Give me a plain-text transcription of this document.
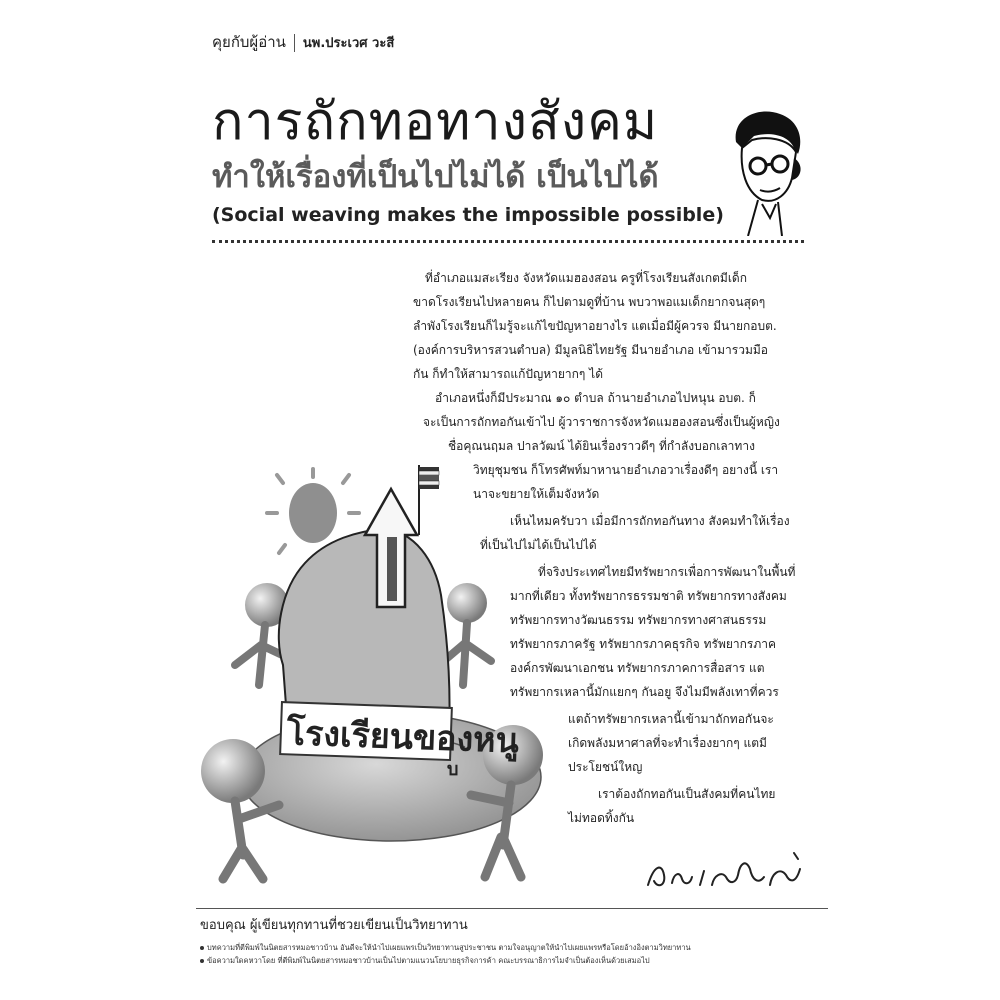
คุยกับผู้อ่าน นพ.ประเวศ วะสี
การถักทอทางสังคม
ทำให้เรื่องที่เป็นไปไม่ได้ เป็นไปได้
(Social weaving makes the impossible possible)
ที่อำเภอแมสะเรียง จังหวัดแมฮองสอน ครูที่โรงเรียนสังเกตมีเด็ก
ขาดโรงเรียนไปหลายคน ก็ไปตามดูที่บ้าน พบวาพอแมเด็กยากจนสุดๆ
ลำพังโรงเรียนก็ไมรู้จะแก้ไขปัญหาอยางไร แตเมื่อมีผู้ควรจ มีนายกอบต.
(องค์การบริหารสวนตำบล) มีมูลนิธิไทยรัฐ มีนายอำเภอ เข้ามารวมมือ
กัน ก็ทำให้สามารถแก้ปัญหายากๆ ได้
อำเภอหนึ่งก็มีประมาณ ๑๐ ตำบล ถ้านายอำเภอไปหนุน อบต. ก็
จะเป็นการถักทอกันเข้าไป ผู้วาราชการจังหวัดแมฮองสอนซึ่งเป็นผู้หญิง
ชื่อคุณนฤมล ปาลวัฒน์ ได้ยินเรื่องราวดีๆ ที่กำลังบอกเลาทาง
วิทยุชุมชน ก็โทรศัพท์มาหานายอำเภอวาเรื่องดีๆ อยางนี้ เรา
นาจะขยายให้เต็มจังหวัด
เห็นไหมครับวา เมื่อมีการถักทอกันทาง สังคมทำให้เรื่อง
ที่เป็นไปไม่ได้เป็นไปได้
ที่จริงประเทศไทยมีทรัพยากรเพื่อการพัฒนาในพื้นที่
มากที่เดียว ทั้งทรัพยากรธรรมชาติ ทรัพยากรทางสังคม
ทรัพยากรทางวัฒนธรรม ทรัพยากรทางศาสนธรรม
ทรัพยากรภาครัฐ ทรัพยากรภาคธุรกิจ ทรัพยากรภาค
องค์กรพัฒนาเอกชน ทรัพยากรภาคการสื่อสาร แต
ทรัพยากรเหลานี้มักแยกๆ กันอยู จึงไมมีพลังเทาที่ควร
แตถ้าทรัพยากรเหลานี้เข้ามาถักทอกันจะ
เกิดพลังมหาศาลที่จะทำเรื่องยากๆ แตมี
ประโยชน์ใหญ
เราต้องถักทอกันเป็นสังคมที่คนไทย
ไม่ทอดทิ้งกัน
โรงเรียนของหนู
บ
ประเวศ วะสี
ขอบคุณ ผู้เขียนทุกทานที่ชวยเขียนเป็นวิทยาทาน
บทความที่ตีพิมพ์ในนิตยสารหมอชาวบ้าน อันดีจะให้นำไปเผยแพรเป็นวิทยาทานสูประชาชน ตามใจอนุญาตให้นำไปเผยแพรหรือโดยอ้างอิงตามวิทยาทาน
ข้อความใดคหวาโดย ที่ตีพิมพ์ในนิตยสารหมอชาวบ้านเป็นไปตามแนวนโยบายธุรกิจการค้า คณะบรรณาธิการไมจำเป็นต้องเห็นด้วยเสมอไป
